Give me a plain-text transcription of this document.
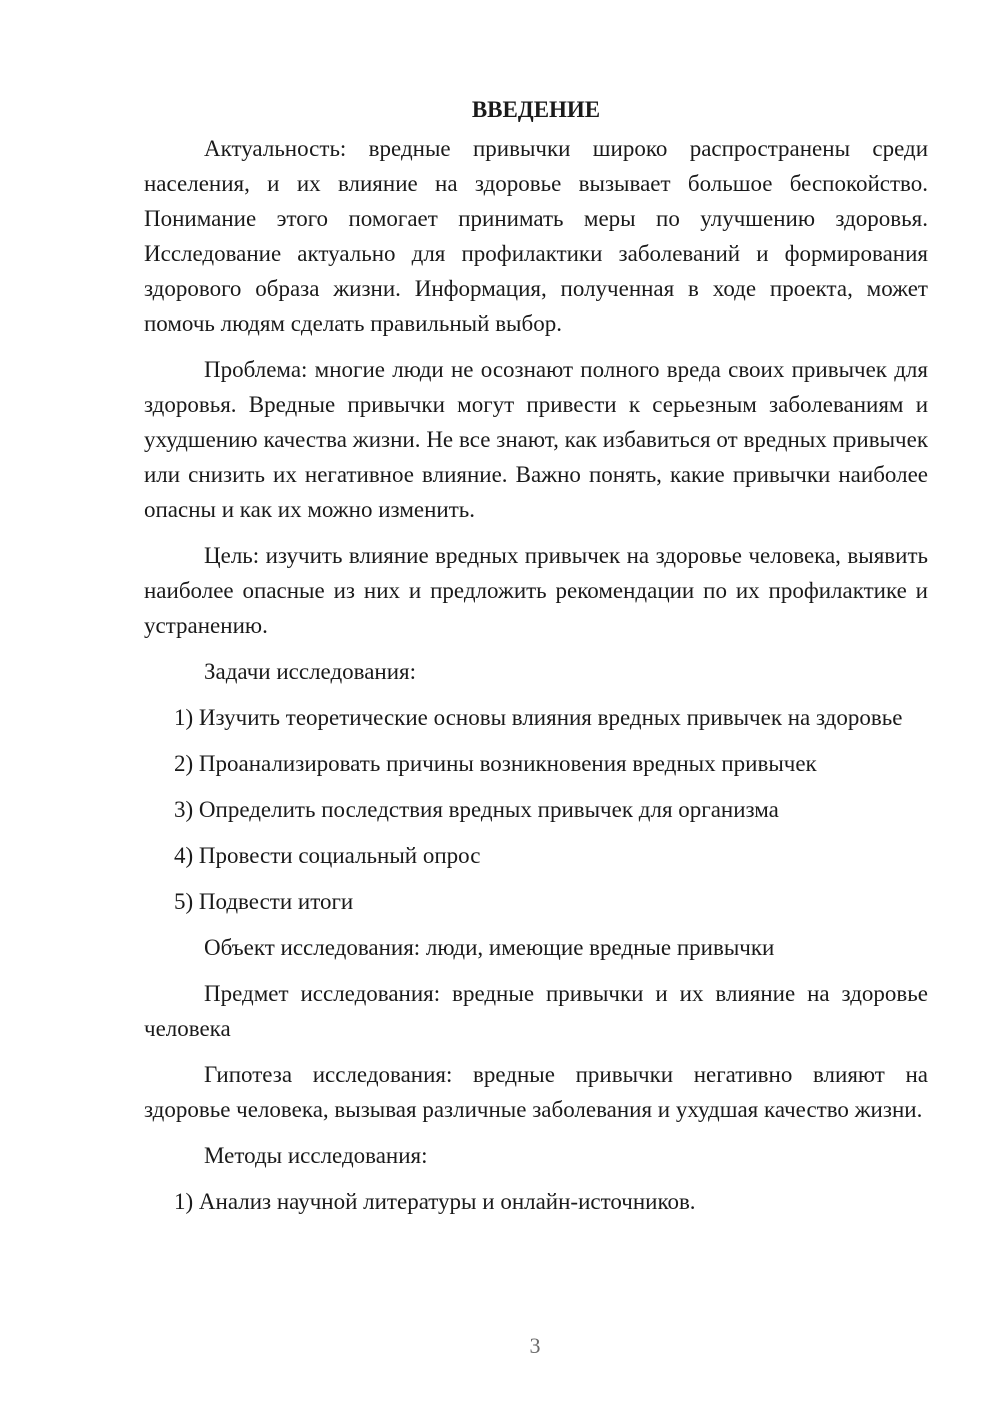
ВВЕДЕНИЕ

Актуальность: вредные привычки широко распространены среди населения, и их влияние на здоровье вызывает большое беспокойство. Понимание этого помогает принимать меры по улучшению здоровья. Исследование актуально для профилактики заболеваний и формирования здорового образа жизни. Информация, полученная в ходе проекта, может помочь людям сделать правильный выбор.

Проблема: многие люди не осознают полного вреда своих привычек для здоровья. Вредные привычки могут привести к серьезным заболеваниям и ухудшению качества жизни. Не все знают, как избавиться от вредных привычек или снизить их негативное влияние. Важно понять, какие привычки наиболее опасны и как их можно изменить.

Цель: изучить влияние вредных привычек на здоровье человека, выявить наиболее опасные из них и предложить рекомендации по их профилактике и устранению.

Задачи исследования:

1) Изучить теоретические основы влияния вредных привычек на здоровье

2) Проанализировать причины возникновения вредных привычек

3) Определить последствия вредных привычек для организма

4) Провести социальный опрос

5) Подвести итоги

Объект исследования: люди, имеющие вредные привычки

Предмет исследования: вредные привычки и их влияние на здоровье человека

Гипотеза исследования: вредные привычки негативно влияют на здоровье человека, вызывая различные заболевания и ухудшая качество жизни.

Методы исследования:

1) Анализ научной литературы и онлайн-источников.

3
